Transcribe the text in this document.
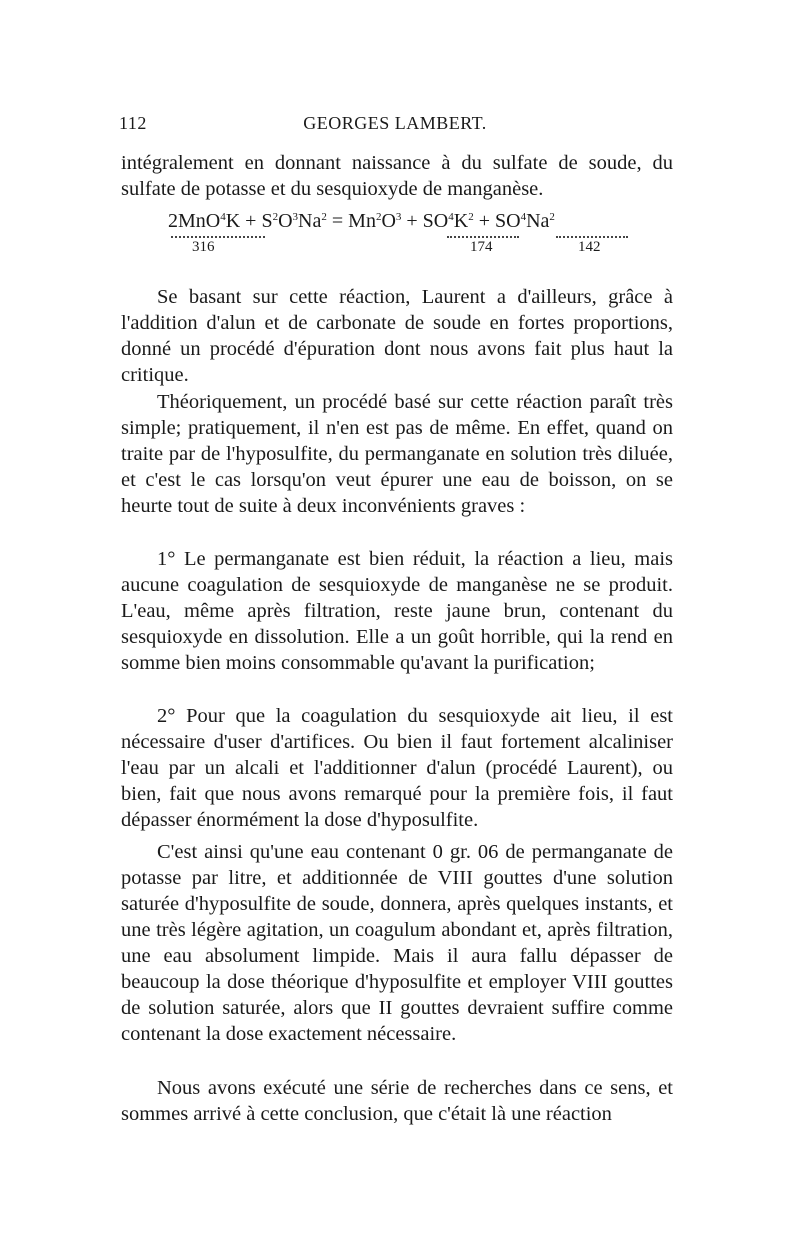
112	GEORGES LAMBERT.

intégralement en donnant naissance à du sulfate de soude, du sulfate de potasse et du sesquioxyde de manganèse.

$2MnO^4K + S^2O^3Na^2 = Mn^2O^3 + SO^4K^2 + SO^4Na^2$
316	174	142

Se basant sur cette réaction, Laurent a d'ailleurs, grâce à l'addition d'alun et de carbonate de soude en fortes proportions, donné un procédé d'épuration dont nous avons fait plus haut la critique.

Théoriquement, un procédé basé sur cette réaction paraît très simple; pratiquement, il n'en est pas de même. En effet, quand on traite par de l'hyposulfite, du permanganate en solution très diluée, et c'est le cas lorsqu'on veut épurer une eau de boisson, on se heurte tout de suite à deux inconvénients graves :

1° Le permanganate est bien réduit, la réaction a lieu, mais aucune coagulation de sesquioxyde de manganèse ne se produit. L'eau, même après filtration, reste jaune brun, contenant du sesquioxyde en dissolution. Elle a un goût horrible, qui la rend en somme bien moins consommable qu'avant la purification;

2° Pour que la coagulation du sesquioxyde ait lieu, il est nécessaire d'user d'artifices. Ou bien il faut fortement alcaliniser l'eau par un alcali et l'additionner d'alun (procédé Laurent), ou bien, fait que nous avons remarqué pour la première fois, il faut dépasser énormément la dose d'hyposulfite.

C'est ainsi qu'une eau contenant 0 gr. 06 de permanganate de potasse par litre, et additionnée de VIII gouttes d'une solution saturée d'hyposulfite de soude, donnera, après quelques instants, et une très légère agitation, un coagulum abondant et, après filtration, une eau absolument limpide. Mais il aura fallu dépasser de beaucoup la dose théorique d'hyposulfite et employer VIII gouttes de solution saturée, alors que II gouttes devraient suffire comme contenant la dose exactement nécessaire.

Nous avons exécuté une série de recherches dans ce sens, et sommes arrivé à cette conclusion, que c'était là une réaction
